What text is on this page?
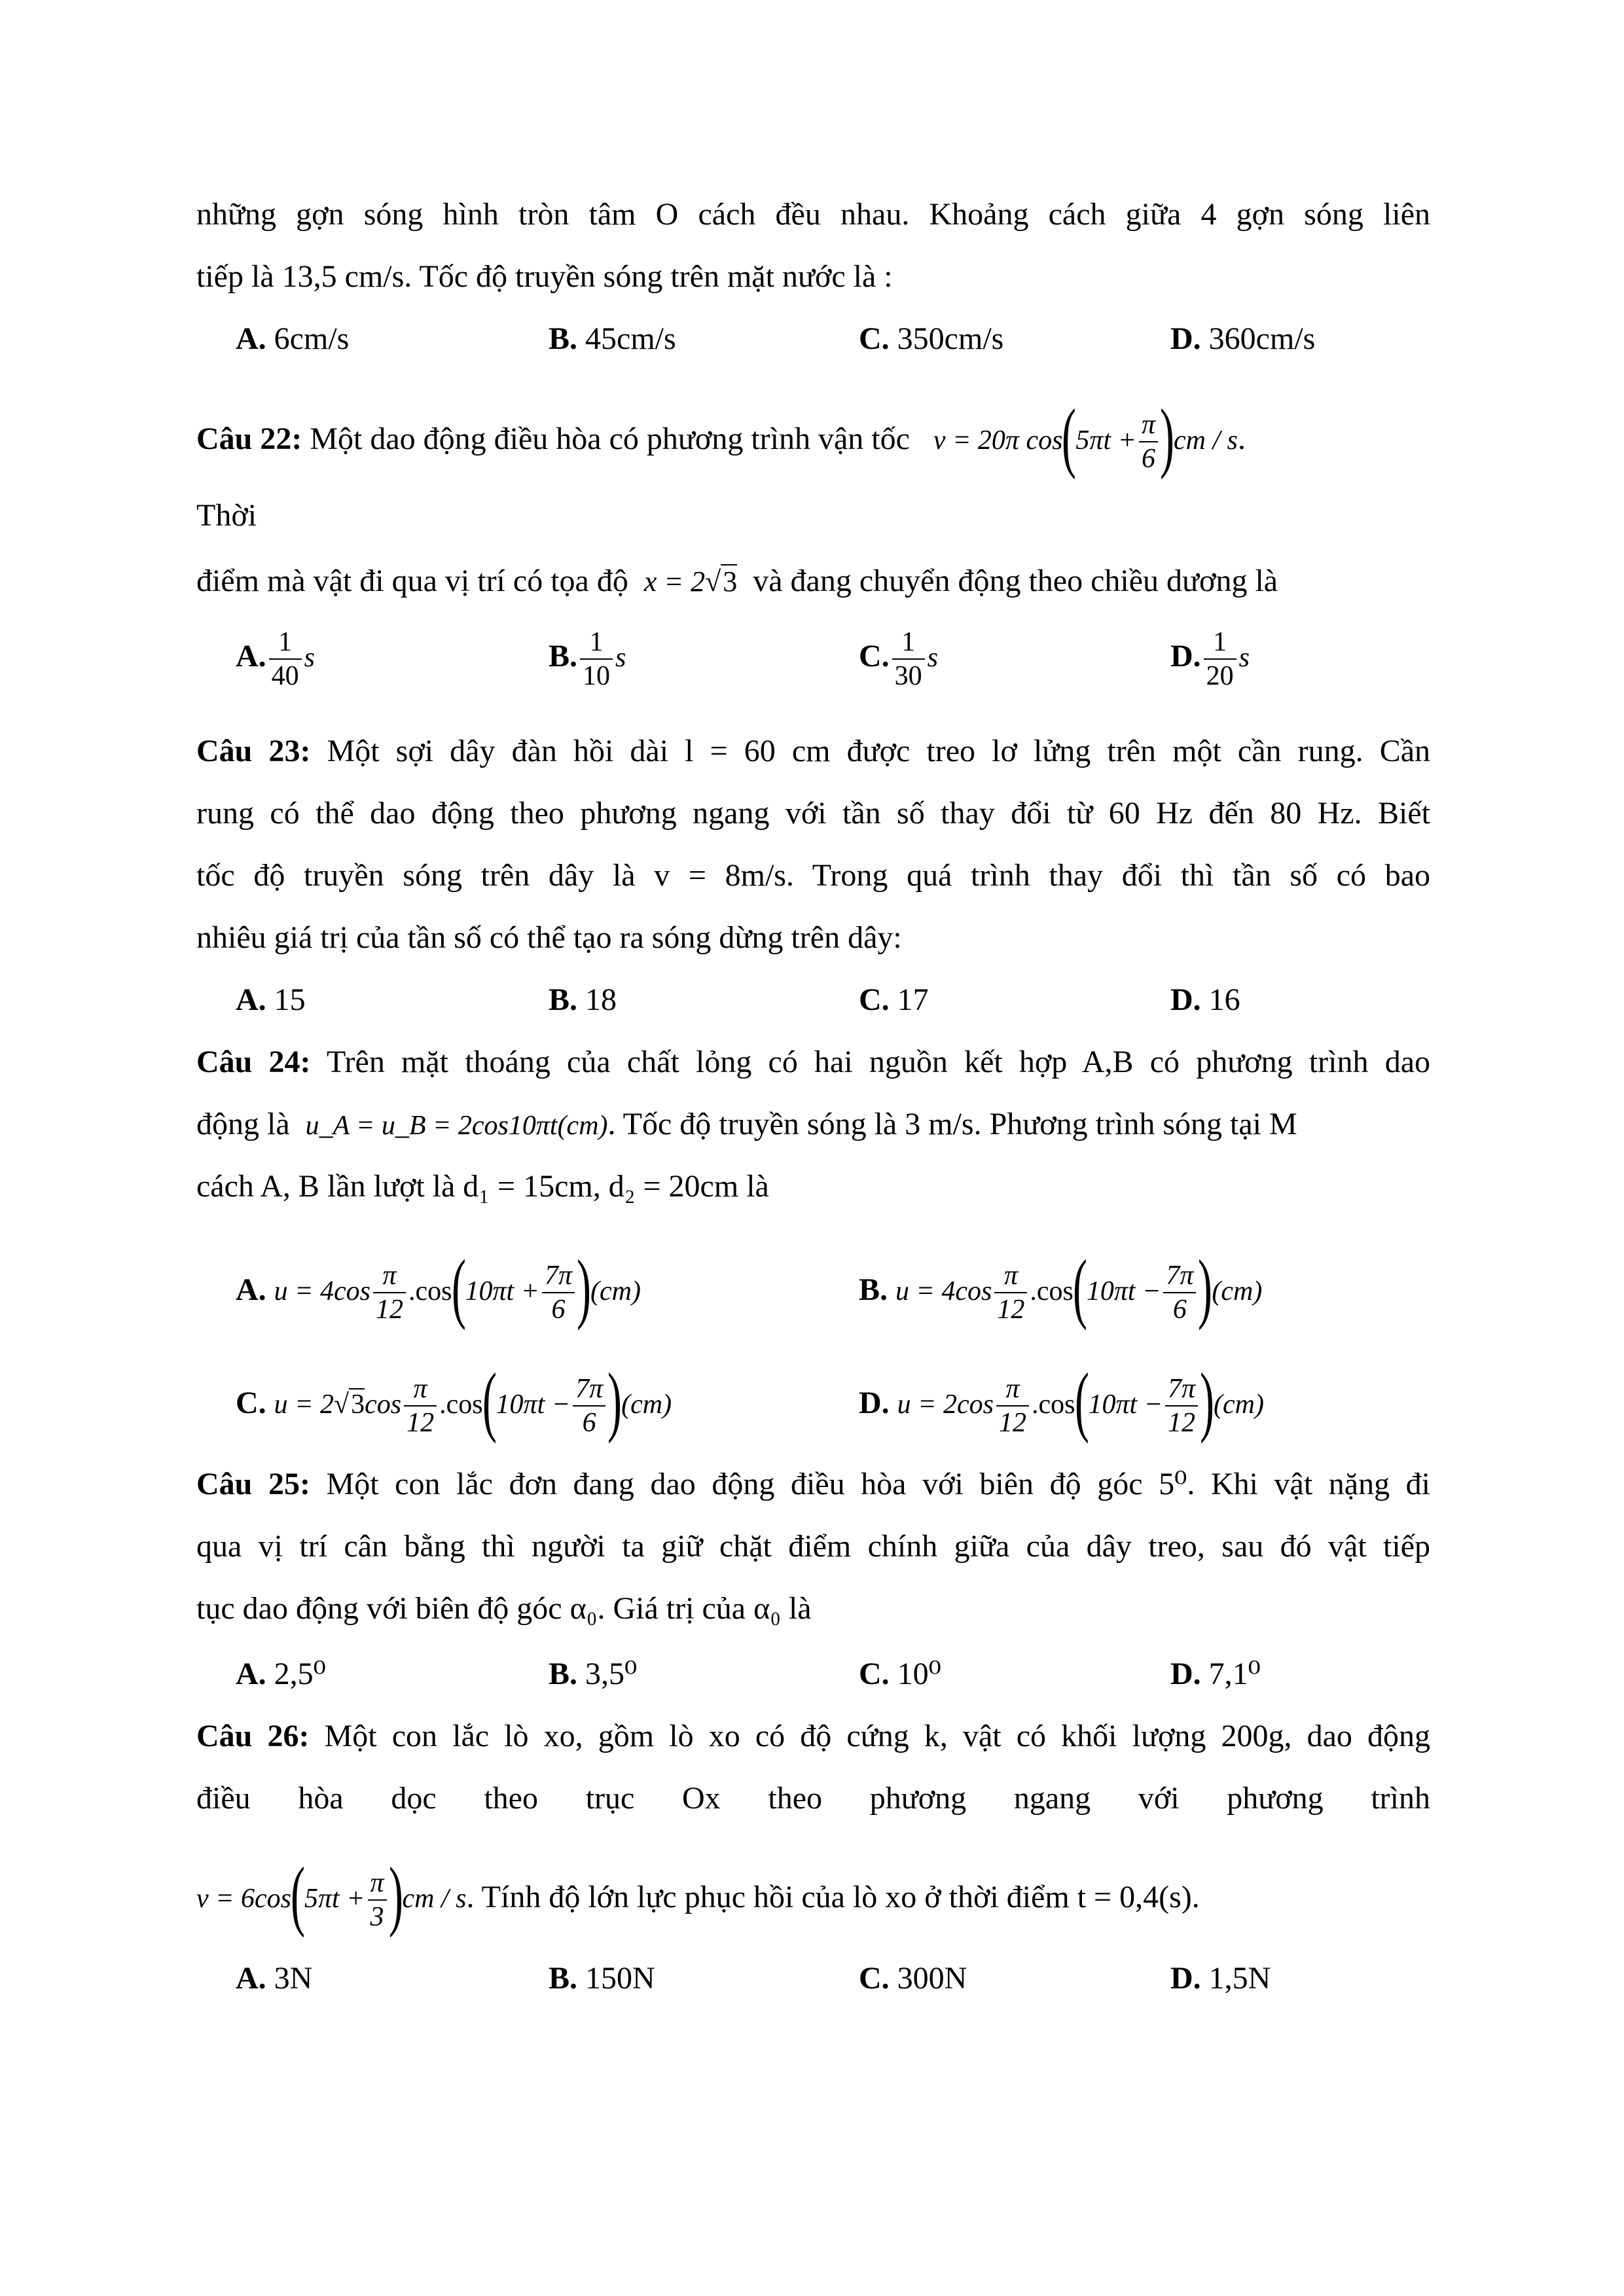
những gợn sóng hình tròn tâm O cách đều nhau. Khoảng cách giữa 4 gợn sóng liên
tiếp là 13,5 cm/s. Tốc độ truyền sóng trên mặt nước là :
A. 6cm/s	B. 45cm/s	C. 350cm/s	D. 360cm/s
Câu 22: Một dao động điều hòa có phương trình vận tốc v = 20π $\cos(5\pi t + \frac{\pi}{6} )cm / s$.
Thời
điểm mà vật đi qua vị trí có tọa độ x = 2√3 và đang chuyển động theo chiều dương là
A. $\frac{1}{40}$ s	B. $\frac{1}{10}$ s	C. $\frac{1}{30}$ s	D. $\frac{1}{20}$ s
Câu 23: Một sợi dây đàn hồi dài l = 60 cm được treo lơ lửng trên một cần rung. Cần
rung có thể dao động theo phương ngang với tần số thay đổi từ 60 Hz đến 80 Hz. Biết
tốc độ truyền sóng trên dây là v = 8m/s. Trong quá trình thay đổi thì tần số có bao
nhiêu giá trị của tần số có thể tạo ra sóng dừng trên dây:
A. 15	B. 18	C. 17	D. 16
Câu 24: Trên mặt thoáng của chất lỏng có hai nguồn kết hợp A,B có phương trình dao
động là u_A = u_B = 2cos10πt(cm). Tốc độ truyền sóng là 3 m/s. Phương trình sóng tại M
cách A, B lần lượt là d₁ = 15cm, d₂ = 20cm là
A. $u = 4\cos \frac{\pi}{12} .\cos(10\pi t + \frac{7\pi}{6} )(cm)$	B. $u = 4\cos \frac{\pi}{12} .\cos(10\pi t - \frac{7\pi}{6} )(cm)$
C. $u = 2√3\cos \frac{\pi}{12} .\cos(10\pi t - \frac{7\pi}{6} )(cm)$	D. $u = 2\cos \frac{\pi}{12} .\cos(10\pi t - \frac{7\pi}{12} )(cm)$
Câu 25: Một con lắc đơn đang dao động điều hòa với biên độ góc 5⁰. Khi vật nặng đi
qua vị trí cân bằng thì người ta giữ chặt điểm chính giữa của dây treo, sau đó vật tiếp
tục dao động với biên độ góc α₀. Giá trị của α₀ là
A. 2,5⁰	B. 3,5⁰	C. 10⁰	D. 7,1⁰
Câu 26: Một con lắc lò xo, gồm lò xo có độ cứng k, vật có khối lượng 200g, dao động
điều hòa dọc theo trục Ox theo phương ngang với phương trình
$v = 6\cos(5\pi t + \frac{\pi}{3} )cm / s$. Tính độ lớn lực phục hồi của lò xo ở thời điểm t = 0,4(s).
A. 3N	B. 150N	C. 300N	D. 1,5N
